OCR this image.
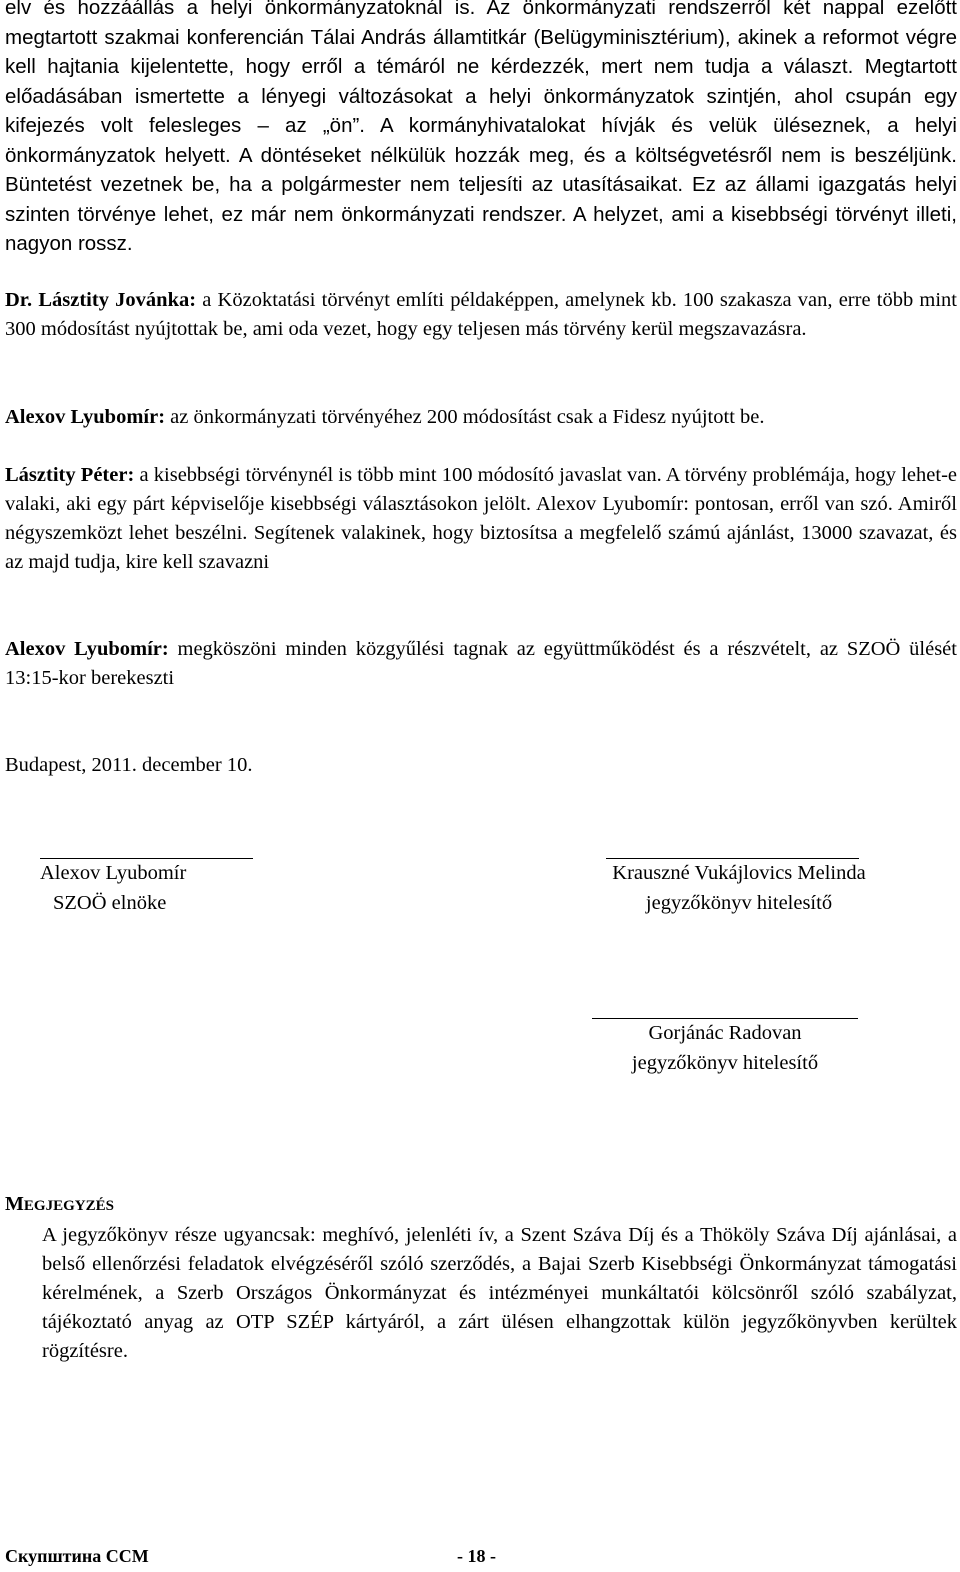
elv és hozzáállás a helyi önkormányzatoknál is. Az önkormányzati rendszerről két nappal ezelőtt megtartott szakmai konferencián Tálai András államtitkár (Belügyminisztérium), akinek a reformot végre kell hajtania kijelentette, hogy erről a témáról ne kérdezzék, mert nem tudja a választ. Megtartott előadásában ismertette a lényegi változásokat a helyi önkormányzatok szintjén, ahol csupán egy kifejezés volt felesleges – az „ön”. A kormányhivatalokat hívják és velük üléseznek, a helyi önkormányzatok helyett. A döntéseket nélkülük hozzák meg, és a költségvetésről nem is beszéljünk. Büntetést vezetnek be, ha a polgármester nem teljesíti az utasításaikat. Ez az állami igazgatás helyi szinten törvénye lehet, ez már nem önkormányzati rendszer. A helyzet, ami a kisebbségi törvényt illeti, nagyon rossz.

Dr. Lásztity Jovánka: a Közoktatási törvényt említi példaképpen, amelynek kb. 100 szakasza van, erre több mint 300 módosítást nyújtottak be, ami oda vezet, hogy egy teljesen más törvény kerül megszavazásra.

Alexov Lyubomír: az önkormányzati törvényéhez 200 módosítást csak a Fidesz nyújtott be.

Lásztity Péter: a kisebbségi törvénynél is több mint 100 módosító javaslat van. A törvény problémája, hogy lehet-e valaki, aki egy párt képviselője kisebbségi választásokon jelölt. Alexov Lyubomír: pontosan, erről van szó. Amiről négyszemközt lehet beszélni. Segítenek valakinek, hogy biztosítsa a megfelelő számú ajánlást, 13000 szavazat, és az majd tudja, kire kell szavazni

Alexov Lyubomír: megköszöni minden közgyűlési tagnak az együttműködést és a részvételt, az SZOÖ ülését 13:15-kor berekeszti

Budapest, 2011. december 10.
Alexov Lyubomír
SZOÖ elnöke
Krauszné Vukájlovics Melinda
jegyzőkönyv hitelesítő
Gorjánác Radovan
jegyzőkönyv hitelesítő
MEGJEGYZÉS
A jegyzőkönyv része ugyancsak: meghívó, jelenléti ív, a Szent Száva Díj és a Thököly Száva Díj ajánlásai, a belső ellenőrzési feladatok elvégzéséről szóló szerződés, a Bajai Szerb Kisebbségi Önkormányzat támogatási kérelmének, a Szerb Országos Önkormányzat és intézményei munkáltatói kölcsönről szóló szabályzat, tájékoztató anyag az OTP SZÉP kártyáról, a zárt ülésen elhangzottak külön jegyzőkönyvben kerültek rögzítésre.
Скупштина ССМ	- 18 -
